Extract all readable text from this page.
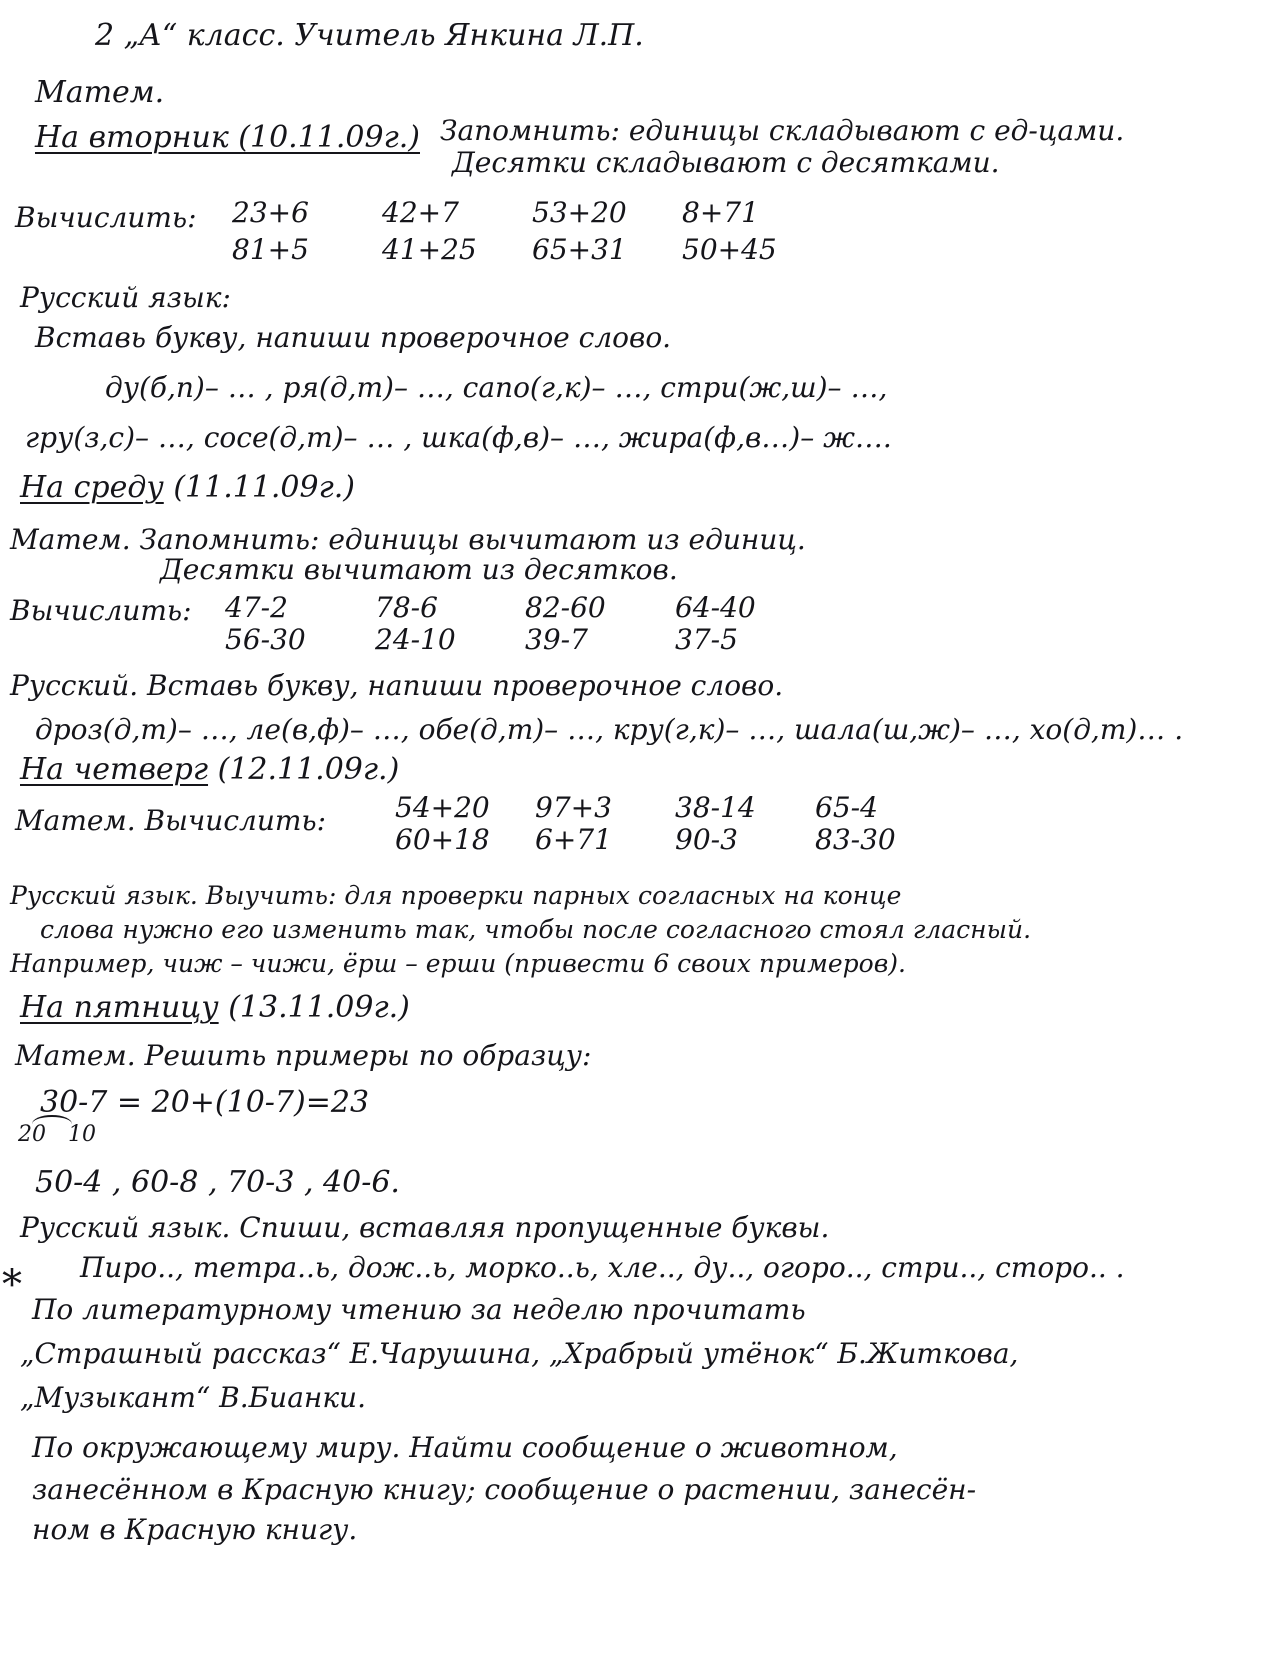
2 „А“ класс. Учитель Янкина Л.П.
Матем.
На вторник (10.11.09г.) Запомнить: единицы складывают с ед-цами.
Десятки складывают с десятками.
Вычислить: 23+6	42+7	53+20	8+71
81+5	41+25	65+31	50+45
Русский язык:
Вставь букву, напиши проверочное слово.
ду(б,п)– … , ря(д,т)– …, сапо(г,к)– …, стри(ж,ш)– …,
гру(з,с)– …, сосе(д,т)– … , шка(ф,в)– …, жира(ф,в…)– ж….
На среду (11.11.09г.)
Матем. Запомнить: единицы вычитают из единиц.
Десятки вычитают из десятков.
Вычислить: 47-2	78-6	82-60	64-40
56-30	24-10	39-7	37-5
Русский. Вставь букву, напиши проверочное слово.
дроз(д,т)– …, ле(в,ф)– …, обе(д,т)– …, кру(г,к)– …, шала(ш,ж)– …, хо(д,т)… .
На четверг (12.11.09г.)
Матем. Вычислить: 54+20	97+3	38-14	65-4
60+18	6+71	90-3	83-30
Русский язык. Выучить: для проверки парных согласных на конце
слова нужно его изменить так, чтобы после согласного стоял гласный.
Например, чиж – чижи, ёрш – ерши (привести 6 своих примеров).
На пятницу (13.11.09г.)
Матем. Решить примеры по образцу:
30-7 = 20+(10-7)=23
20 10
50-4 , 60-8 , 70-3 , 40-6.
Русский язык. Спиши, вставляя пропущенные буквы.
Пиро.., тетра..ь, дож..ь, морко..ь, хле.., ду.., огоро.., стри.., сторо.. .
*
По литературному чтению за неделю прочитать
„Страшный рассказ“ Е.Чарушина, „Храбрый утёнок“ Б.Житкова,
„Музыкант“ В.Бианки.
По окружающему миру. Найти сообщение о животном,
занесённом в Красную книгу; сообщение о растении, занесён-
ном в Красную книгу.
